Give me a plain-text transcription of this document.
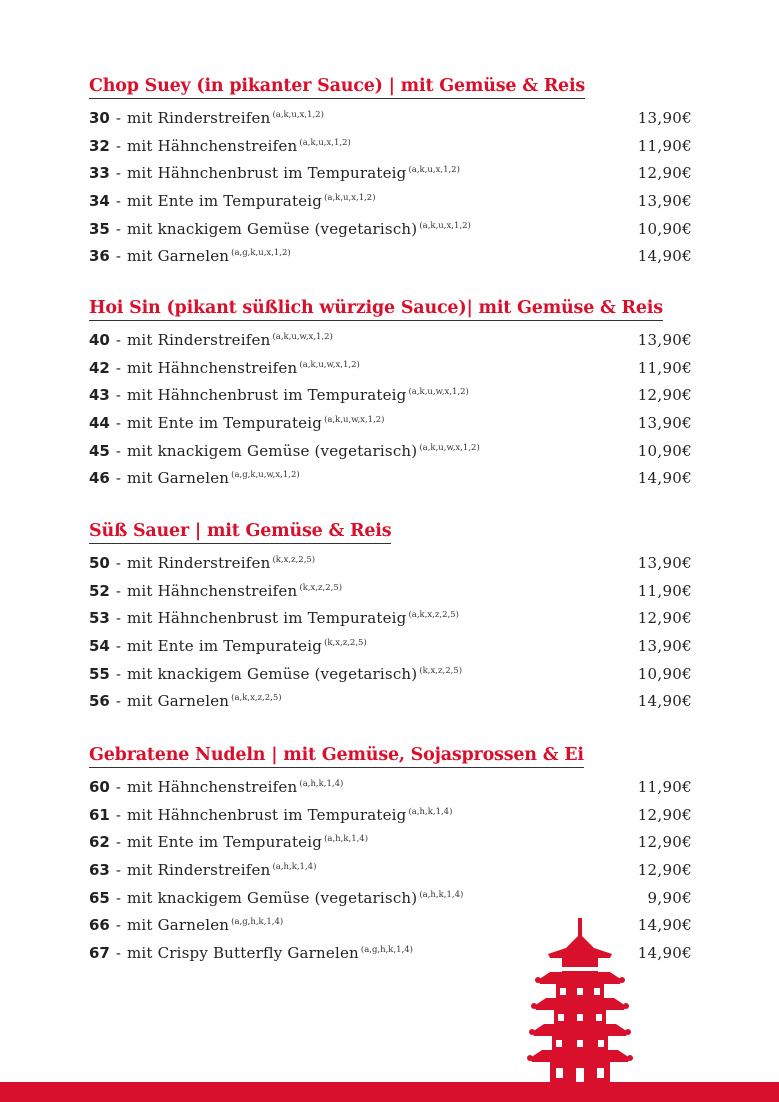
Chop Suey (in pikanter Sauce) | mit Gemüse & Reis
30 - mit Rinderstreifen (a,k,u,x,1,2)	13,90€
32 - mit Hähnchenstreifen (a,k,u,x,1,2)	11,90€
33 - mit Hähnchenbrust im Tempurateig (a,k,u,x,1,2)	12,90€
34 - mit Ente im Tempurateig (a,k,u,x,1,2)	13,90€
35 - mit knackigem Gemüse (vegetarisch) (a,k,u,x,1,2)	10,90€
36 - mit Garnelen (a,g,k,u,x,1,2)	14,90€
Hoi Sin (pikant süßlich würzige Sauce)| mit Gemüse & Reis
40 - mit Rinderstreifen (a,k,u,w,x,1,2)	13,90€
42 - mit Hähnchenstreifen (a,k,u,w,x,1,2)	11,90€
43 - mit Hähnchenbrust im Tempurateig (a,k,u,w,x,1,2)	12,90€
44 - mit Ente im Tempurateig (a,k,u,w,x,1,2)	13,90€
45 - mit knackigem Gemüse (vegetarisch) (a,k,u,w,x,1,2)	10,90€
46 - mit Garnelen (a,g,k,u,w,x,1,2)	14,90€
Süß Sauer | mit Gemüse & Reis
50 - mit Rinderstreifen (k,x,z,2,5)	13,90€
52 - mit Hähnchenstreifen (k,x,z,2,5)	11,90€
53 - mit Hähnchenbrust im Tempurateig (a,k,x,z,2,5)	12,90€
54 - mit Ente im Tempurateig (k,x,z,2,5)	13,90€
55 - mit knackigem Gemüse (vegetarisch) (k,x,z,2,5)	10,90€
56 - mit Garnelen (a,k,x,z,2,5)	14,90€
Gebratene Nudeln | mit Gemüse, Sojasprossen & Ei
60 - mit Hähnchenstreifen (a,h,k,1,4)	11,90€
61 - mit Hähnchenbrust im Tempurateig (a,h,k,1,4)	12,90€
62 - mit Ente im Tempurateig (a,h,k,1,4)	12,90€
63 - mit Rinderstreifen (a,h,k,1,4)	12,90€
65 - mit knackigem Gemüse (vegetarisch) (a,h,k,1,4)	9,90€
66 - mit Garnelen (a,g,h,k,1,4)	14,90€
67 - mit Crispy Butterfly Garnelen (a,g,h,k,1,4)	14,90€
